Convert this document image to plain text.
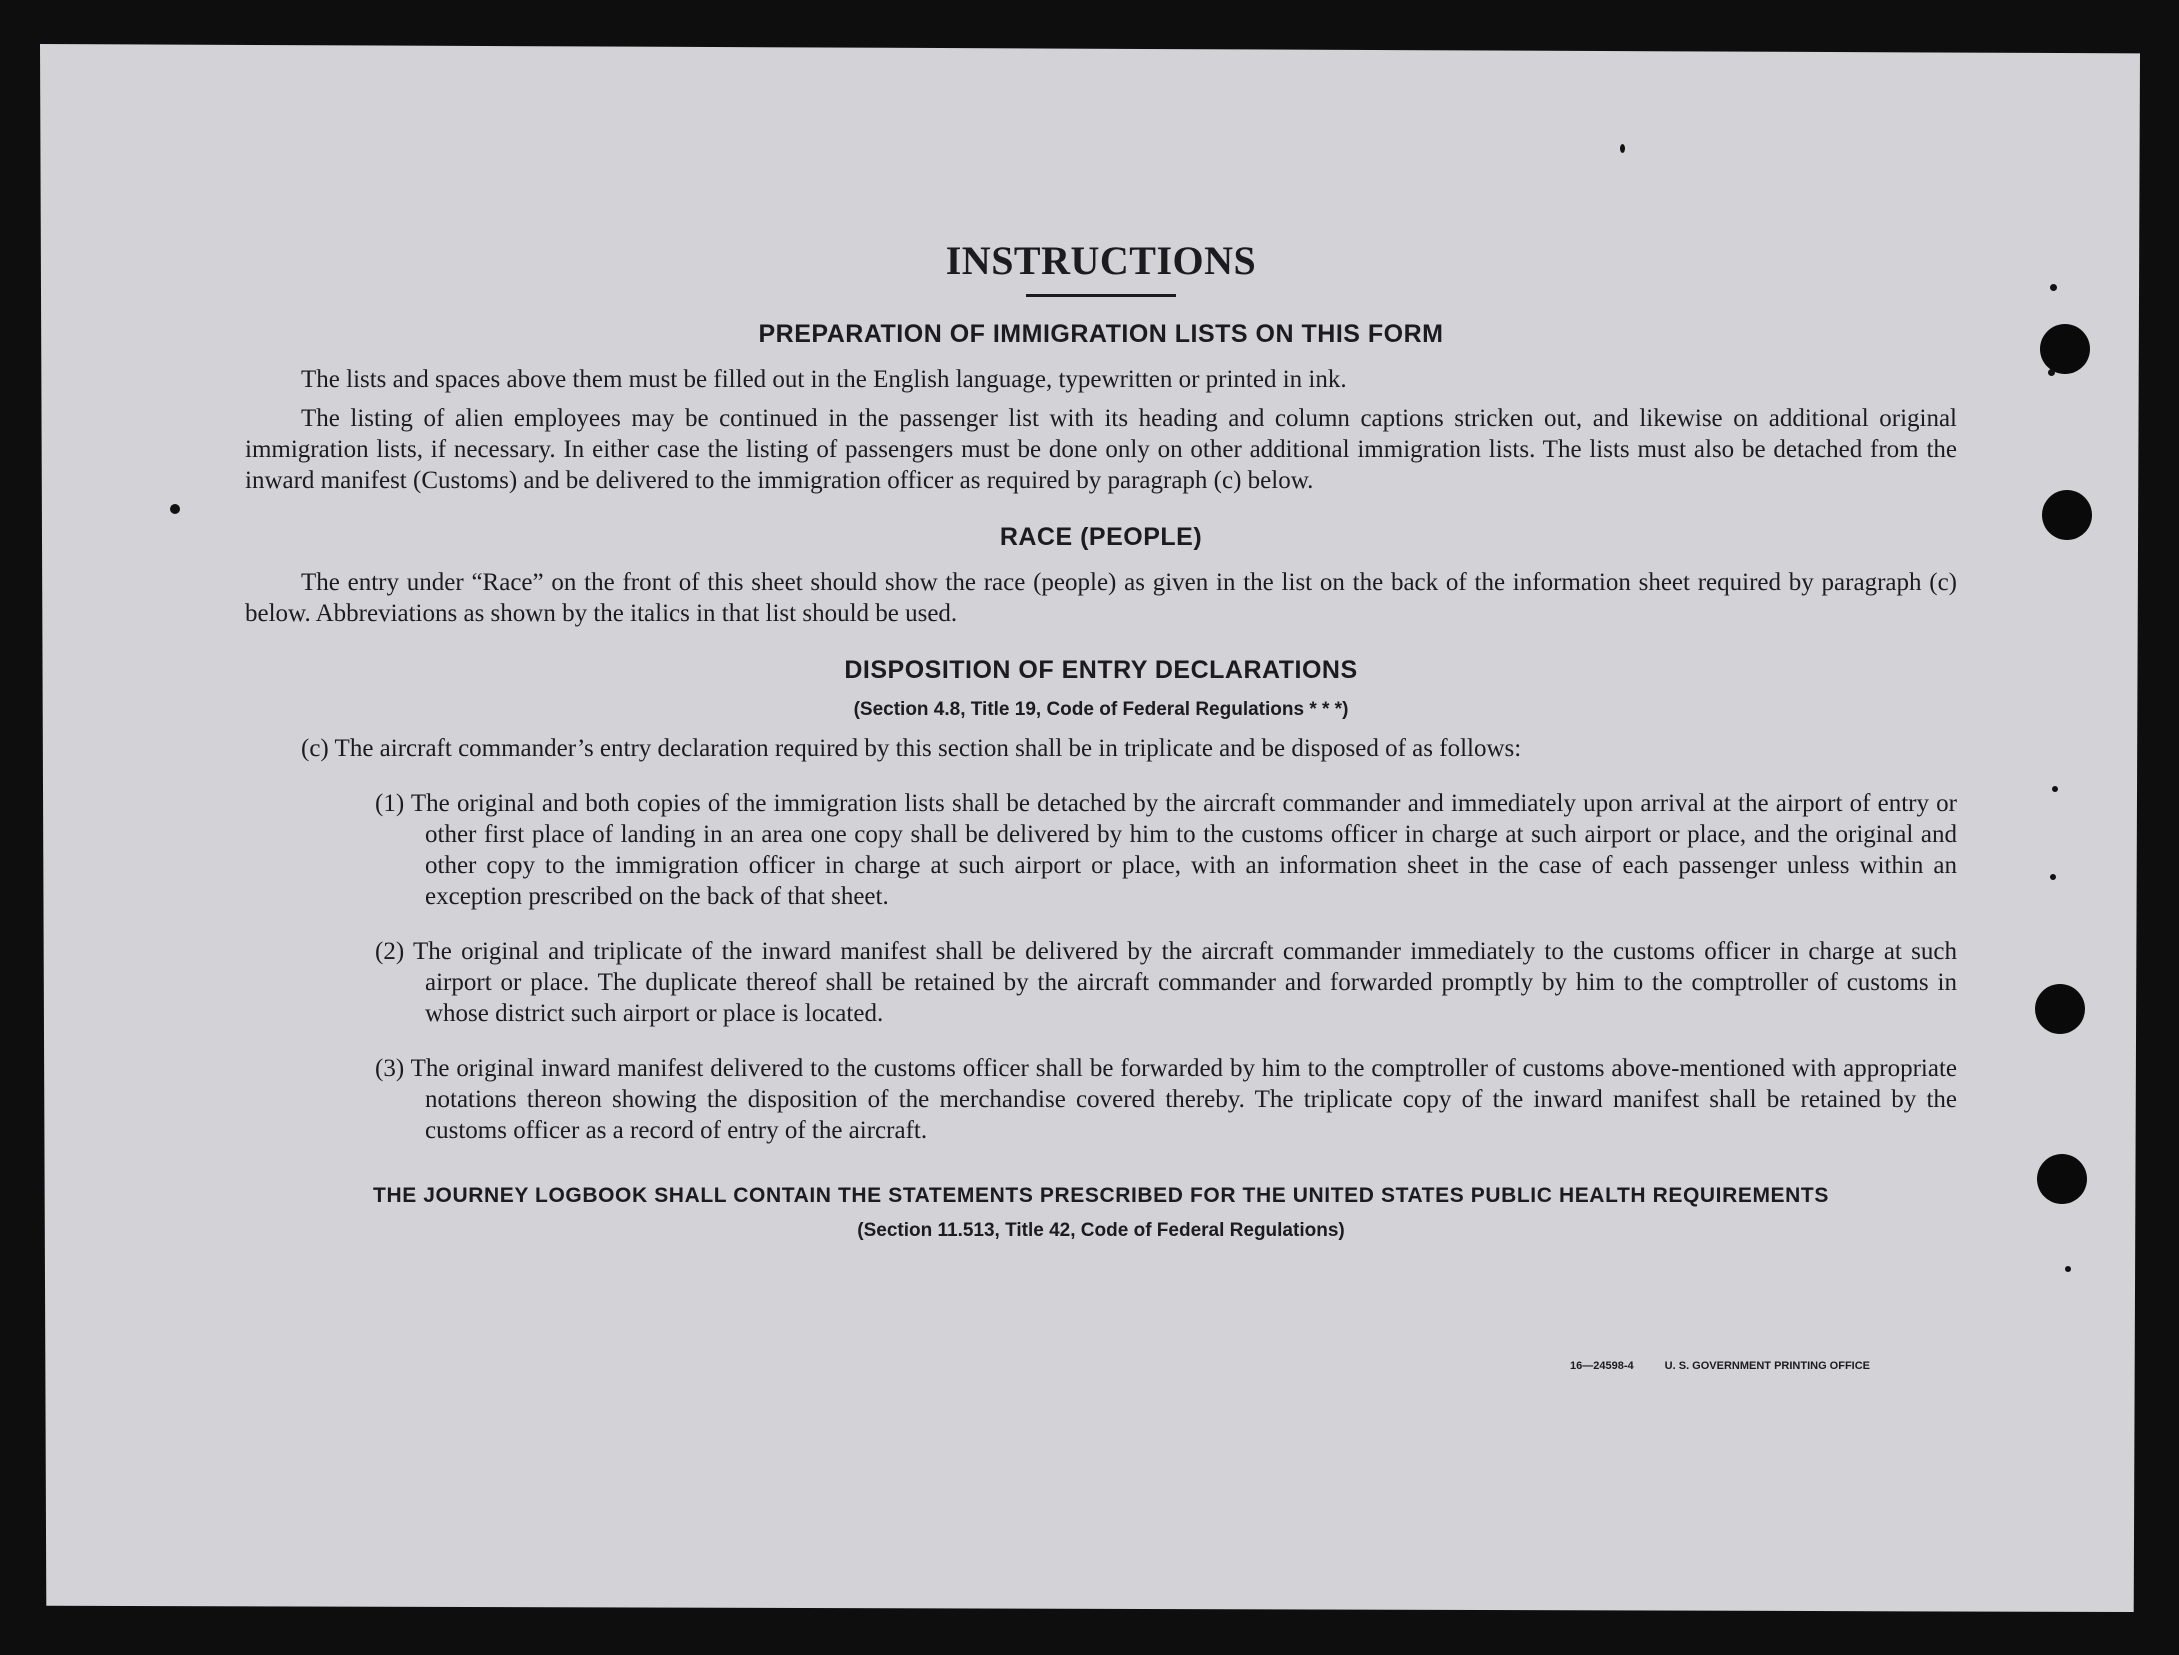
INSTRUCTIONS
PREPARATION OF IMMIGRATION LISTS ON THIS FORM

The lists and spaces above them must be filled out in the English language, typewritten or printed in ink.

The listing of alien employees may be continued in the passenger list with its heading and column captions stricken out, and likewise on additional original immigration lists, if necessary. In either case the listing of passengers must be done only on other additional immigration lists. The lists must also be detached from the inward manifest (Customs) and be delivered to the immigration officer as required by paragraph (c) below.

RACE (PEOPLE)

The entry under “Race” on the front of this sheet should show the race (people) as given in the list on the back of the information sheet required by paragraph (c) below. Abbreviations as shown by the italics in that list should be used.

DISPOSITION OF ENTRY DECLARATIONS
(Section 4.8, Title 19, Code of Federal Regulations * * *)

(c) The aircraft commander’s entry declaration required by this section shall be in triplicate and be disposed of as follows:

(1) The original and both copies of the immigration lists shall be detached by the aircraft commander and immediately upon arrival at the airport of entry or other first place of landing in an area one copy shall be delivered by him to the customs officer in charge at such airport or place, and the original and other copy to the immigration officer in charge at such airport or place, with an information sheet in the case of each passenger unless within an exception prescribed on the back of that sheet.

(2) The original and triplicate of the inward manifest shall be delivered by the aircraft commander immediately to the customs officer in charge at such airport or place. The duplicate thereof shall be retained by the aircraft commander and forwarded promptly by him to the comptroller of customs in whose district such airport or place is located.

(3) The original inward manifest delivered to the customs officer shall be forwarded by him to the comptroller of customs above-mentioned with appropriate notations thereon showing the disposition of the merchandise covered thereby. The triplicate copy of the inward manifest shall be retained by the customs officer as a record of entry of the aircraft.

THE JOURNEY LOGBOOK SHALL CONTAIN THE STATEMENTS PRESCRIBED FOR THE UNITED STATES PUBLIC HEALTH REQUIREMENTS
(Section 11.513, Title 42, Code of Federal Regulations)
16—24598-4	U. S. GOVERNMENT PRINTING OFFICE
